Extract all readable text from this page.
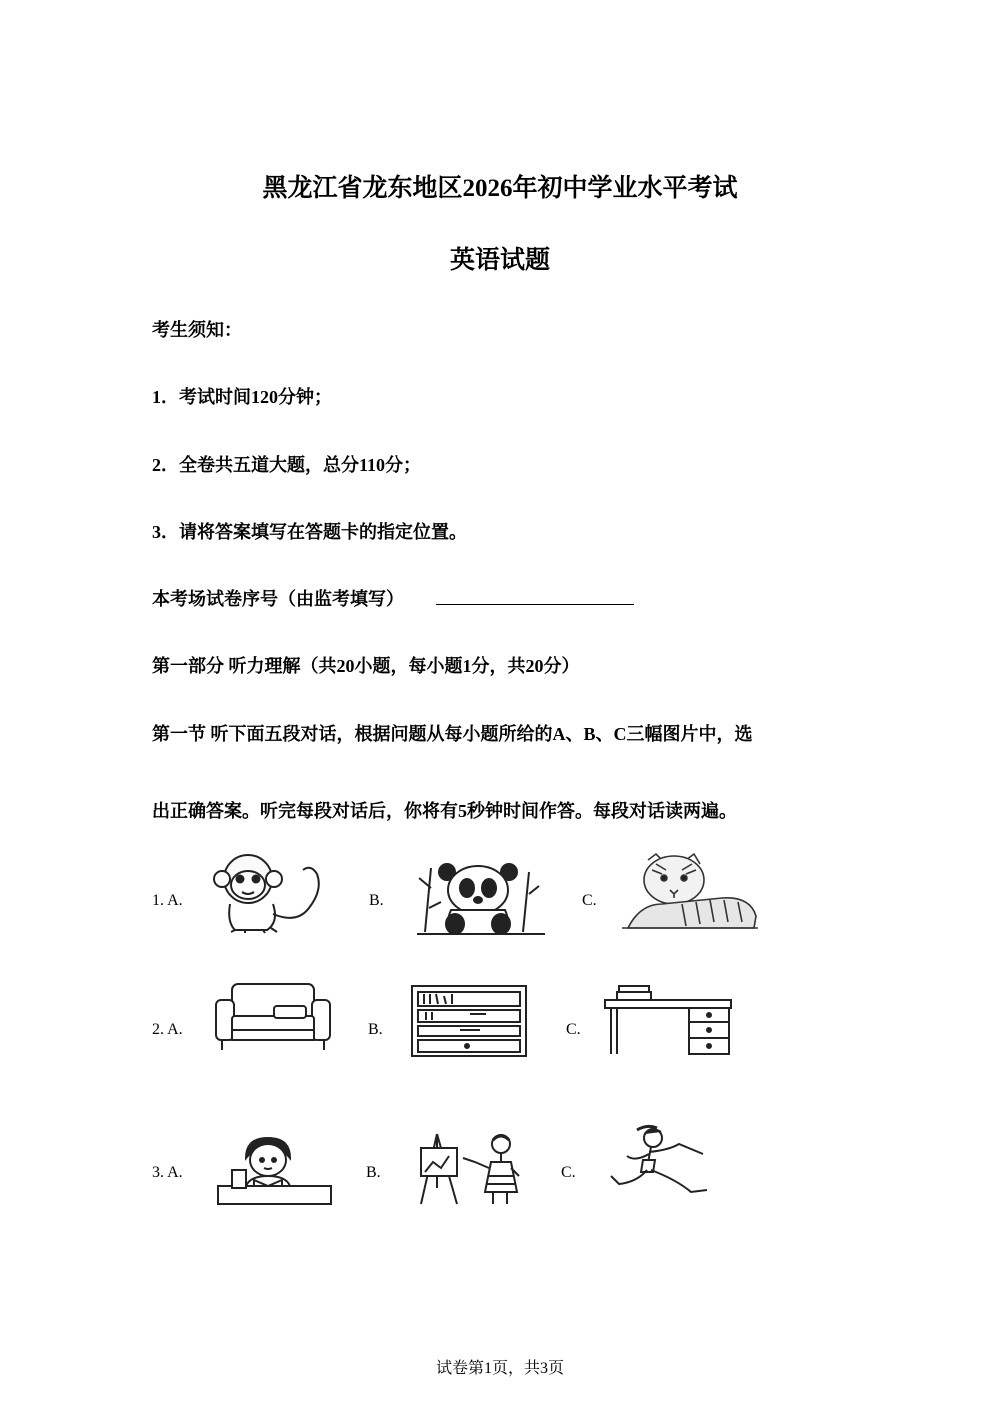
黑龙江省龙东地区2026年初中学业水平考试
英语试题
考生须知：
1．考试时间120分钟；
2．全卷共五道大题，总分110分；
3．请将答案填写在答题卡的指定位置。
本考场试卷序号（由监考填写）
第一部分 听力理解（共20小题，每小题1分，共20分）
第一节 听下面五段对话，根据问题从每小题所给的A、B、C三幅图片中，选
出正确答案。听完每段对话后，你将有5秒钟时间作答。每段对话读两遍。
1. A.	B.	C.
2. A.	B.	C.
3. A.	B.	C.
试卷第1页，共3页
